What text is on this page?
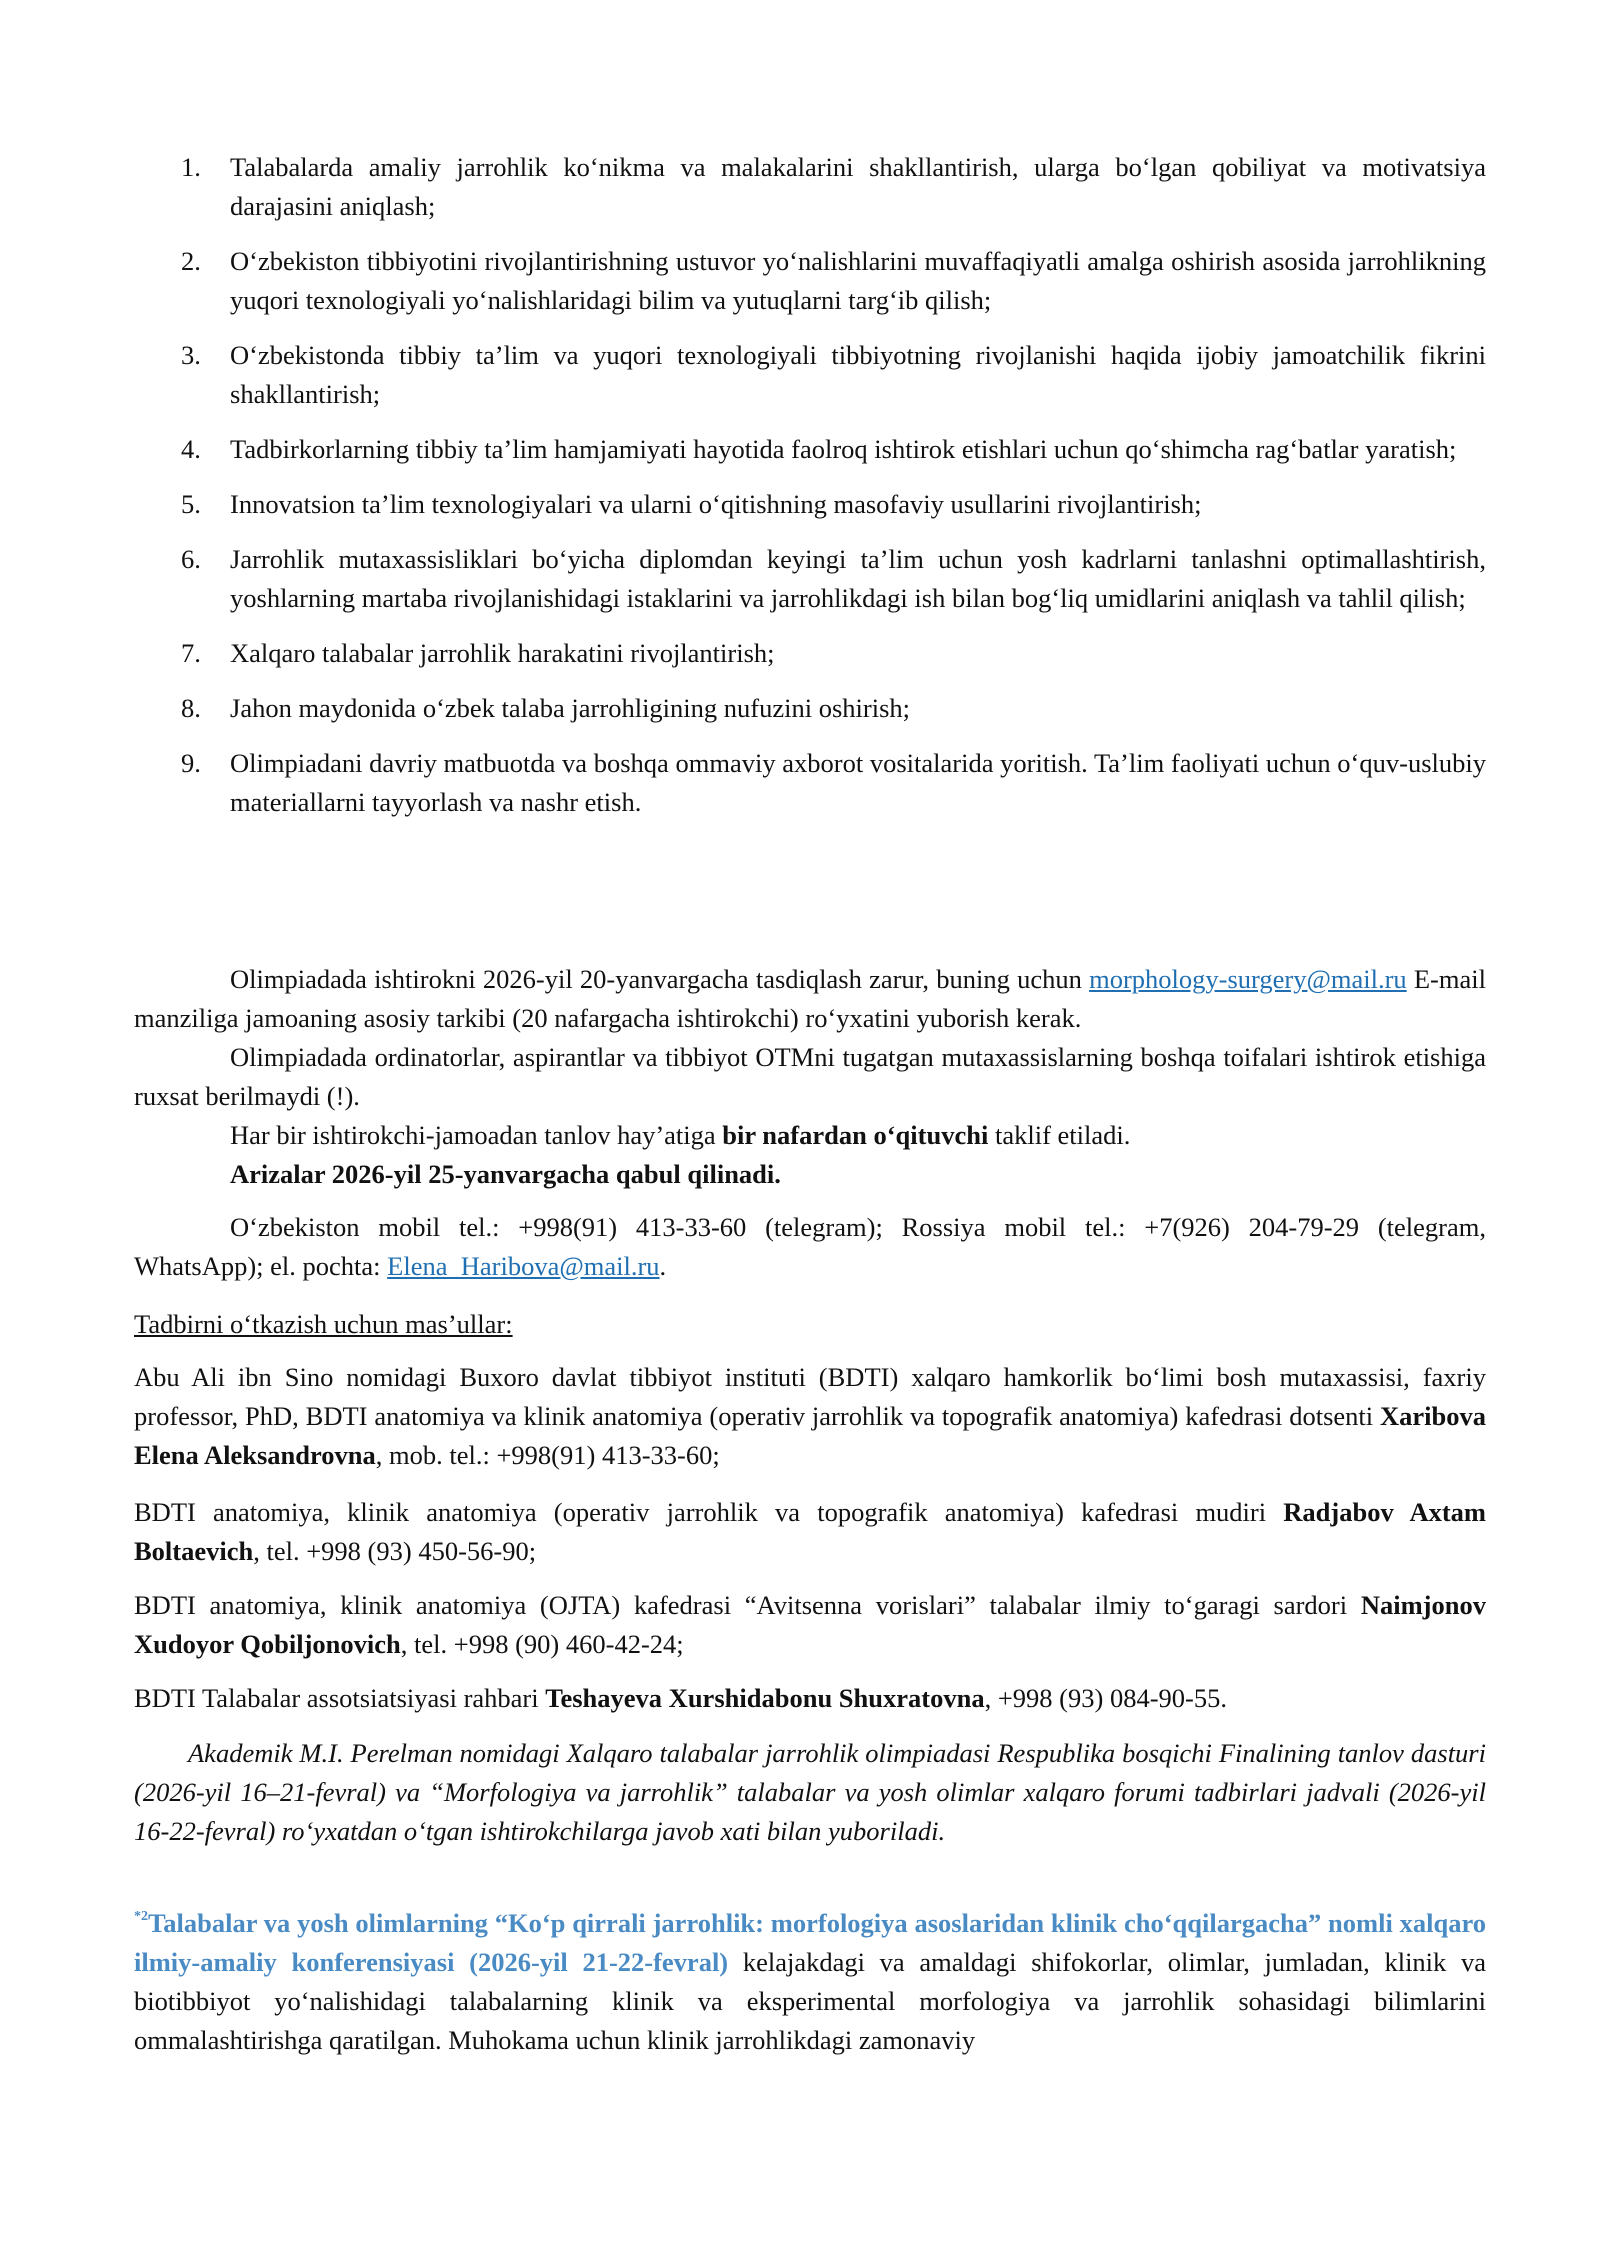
1. Talabalarda amaliy jarrohlik koʻnikma va malakalarini shakllantirish, ularga boʻlgan qobiliyat va motivatsiya darajasini aniqlash;
2. Oʻzbekiston tibbiyotini rivojlantirishning ustuvor yoʻnalishlarini muvaffaqiyatli amalga oshirish asosida jarrohlikning yuqori texnologiyali yoʻnalishlaridagi bilim va yutuqlarni targʻib qilish;
3. Oʻzbekistonda tibbiy taʼlim va yuqori texnologiyali tibbiyotning rivojlanishi haqida ijobiy jamoatchilik fikrini shakllantirish;
4. Tadbirkorlarning tibbiy taʼlim hamjamiyati hayotida faolroq ishtirok etishlari uchun qoʻshimcha ragʻbatlar yaratish;
5. Innovatsion taʼlim texnologiyalari va ularni oʻqitishning masofaviy usullarini rivojlantirish;
6. Jarrohlik mutaxassisliklari boʻyicha diplomdan keyingi taʼlim uchun yosh kadrlarni tanlashni optimallashtirish, yoshlarning martaba rivojlanishidagi istaklarini va jarrohlikdagi ish bilan bogʻliq umidlarini aniqlash va tahlil qilish;
7. Xalqaro talabalar jarrohlik harakatini rivojlantirish;
8. Jahon maydonida oʻzbek talaba jarrohligining nufuzini oshirish;
9. Olimpiadani davriy matbuotda va boshqa ommaviy axborot vositalarida yoritish. Taʼlim faoliyati uchun oʻquv-uslubiy materiallarni tayyorlash va nashr etish.

Olimpiadada ishtirokni 2026-yil 20-yanvargacha tasdiqlash zarur, buning uchun morphology-surgery@mail.ru E-mail manziliga jamoaning asosiy tarkibi (20 nafargacha ishtirokchi) roʻyxatini yuborish kerak.

Olimpiadada ordinatorlar, aspirantlar va tibbiyot OTMni tugatgan mutaxassislarning boshqa toifalari ishtirok etishiga ruxsat berilmaydi (!).

Har bir ishtirokchi-jamoadan tanlov hayʼatiga bir nafardan oʻqituvchi taklif etiladi.

Arizalar 2026-yil 25-yanvargacha qabul qilinadi.

Oʻzbekiston mobil tel.: +998(91) 413-33-60 (telegram); Rossiya mobil tel.: +7(926) 204-79-29 (telegram, WhatsApp); el. pochta: Elena_Haribova@mail.ru.

Tadbirni oʻtkazish uchun masʼullar:

Abu Ali ibn Sino nomidagi Buxoro davlat tibbiyot instituti (BDTI) xalqaro hamkorlik boʻlimi bosh mutaxassisi, faxriy professor, PhD, BDTI anatomiya va klinik anatomiya (operativ jarrohlik va topografik anatomiya) kafedrasi dotsenti Xaribova Elena Aleksandrovna, mob. tel.: +998(91) 413-33-60;

BDTI anatomiya, klinik anatomiya (operativ jarrohlik va topografik anatomiya) kafedrasi mudiri Radjabov Axtam Boltaevich, tel. +998 (93) 450-56-90;

BDTI anatomiya, klinik anatomiya (OJTA) kafedrasi “Avitsenna vorislari” talabalar ilmiy toʻgaragi sardori Naimjonov Xudoyor Qobiljonovich, tel. +998 (90) 460-42-24;

BDTI Talabalar assotsiatsiyasi rahbari Teshayeva Xurshidabonu Shuxratovna, +998 (93) 084-90-55.

Akademik M.I. Perelman nomidagi Xalqaro talabalar jarrohlik olimpiadasi Respublika bosqichi Finalining tanlov dasturi (2026-yil 16–21-fevral) va “Morfologiya va jarrohlik” talabalar va yosh olimlar xalqaro forumi tadbirlari jadvali (2026-yil 16-22-fevral) roʻyxatdan oʻtgan ishtirokchilarga javob xati bilan yuboriladi.

$^{*2}$Talabalar va yosh olimlarning “Koʻp qirrali jarrohlik: morfologiya asoslaridan klinik choʻqqilargacha” nomli xalqaro ilmiy-amaliy konferensiyasi (2026-yil 21-22-fevral) kelajakdagi va amaldagi shifokorlar, olimlar, jumladan, klinik va biotibbiyot yoʻnalishidagi talabalarning klinik va eksperimental morfologiya va jarrohlik sohasidagi bilimlarini ommalashtirishga qaratilgan. Muhokama uchun klinik jarrohlikdagi zamonaviy
